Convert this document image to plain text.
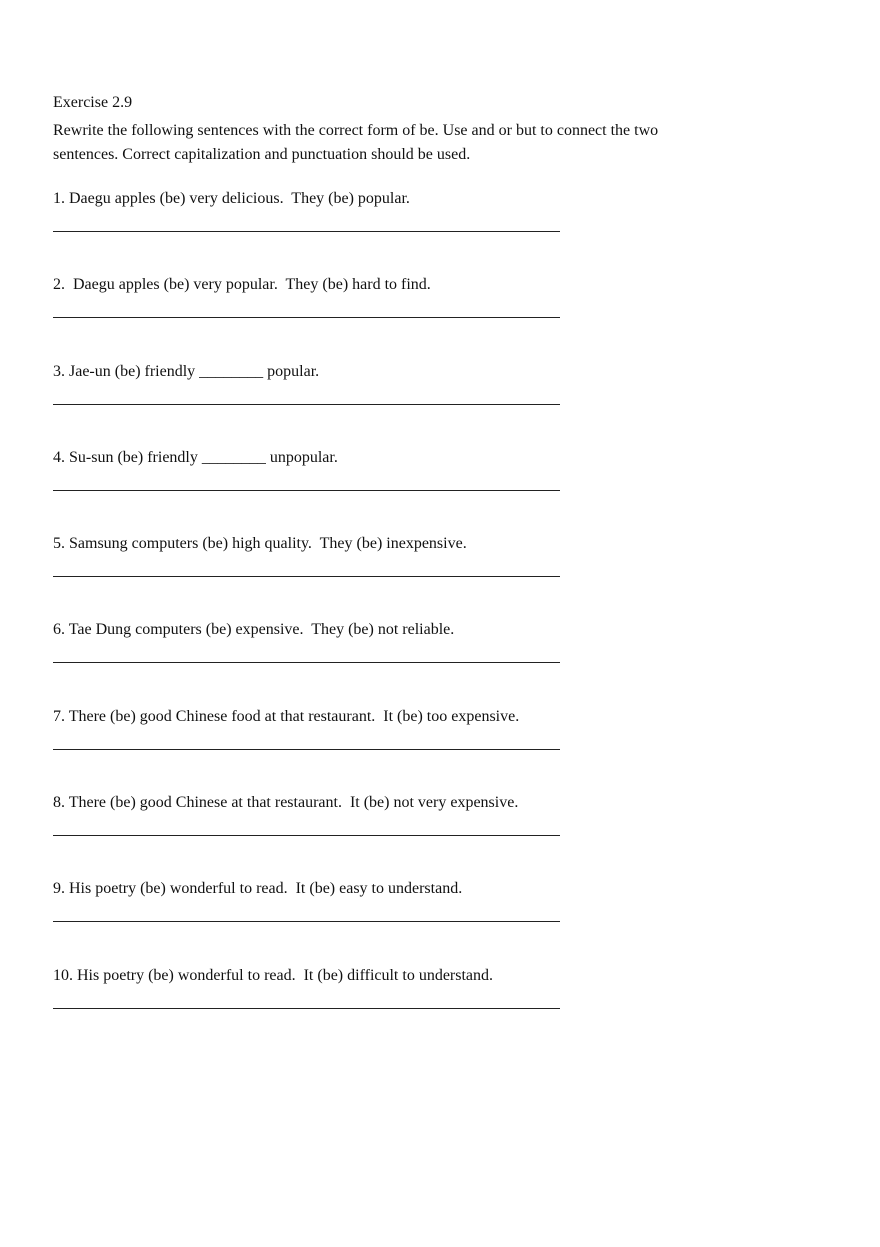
Exercise 2.9

Rewrite the following sentences with the correct form of be. Use and or but to connect the two sentences. Correct capitalization and punctuation should be used.

1. Daegu apples (be) very delicious.  They (be) popular.

2.  Daegu apples (be) very popular.  They (be) hard to find.

3. Jae-un (be) friendly ________ popular.

4. Su-sun (be) friendly ________ unpopular.

5. Samsung computers (be) high quality.  They (be) inexpensive.

6. Tae Dung computers (be) expensive.  They (be) not reliable.

7. There (be) good Chinese food at that restaurant.  It (be) too expensive.

8. There (be) good Chinese at that restaurant.  It (be) not very expensive.

9. His poetry (be) wonderful to read.  It (be) easy to understand.

10. His poetry (be) wonderful to read.  It (be) difficult to understand.
